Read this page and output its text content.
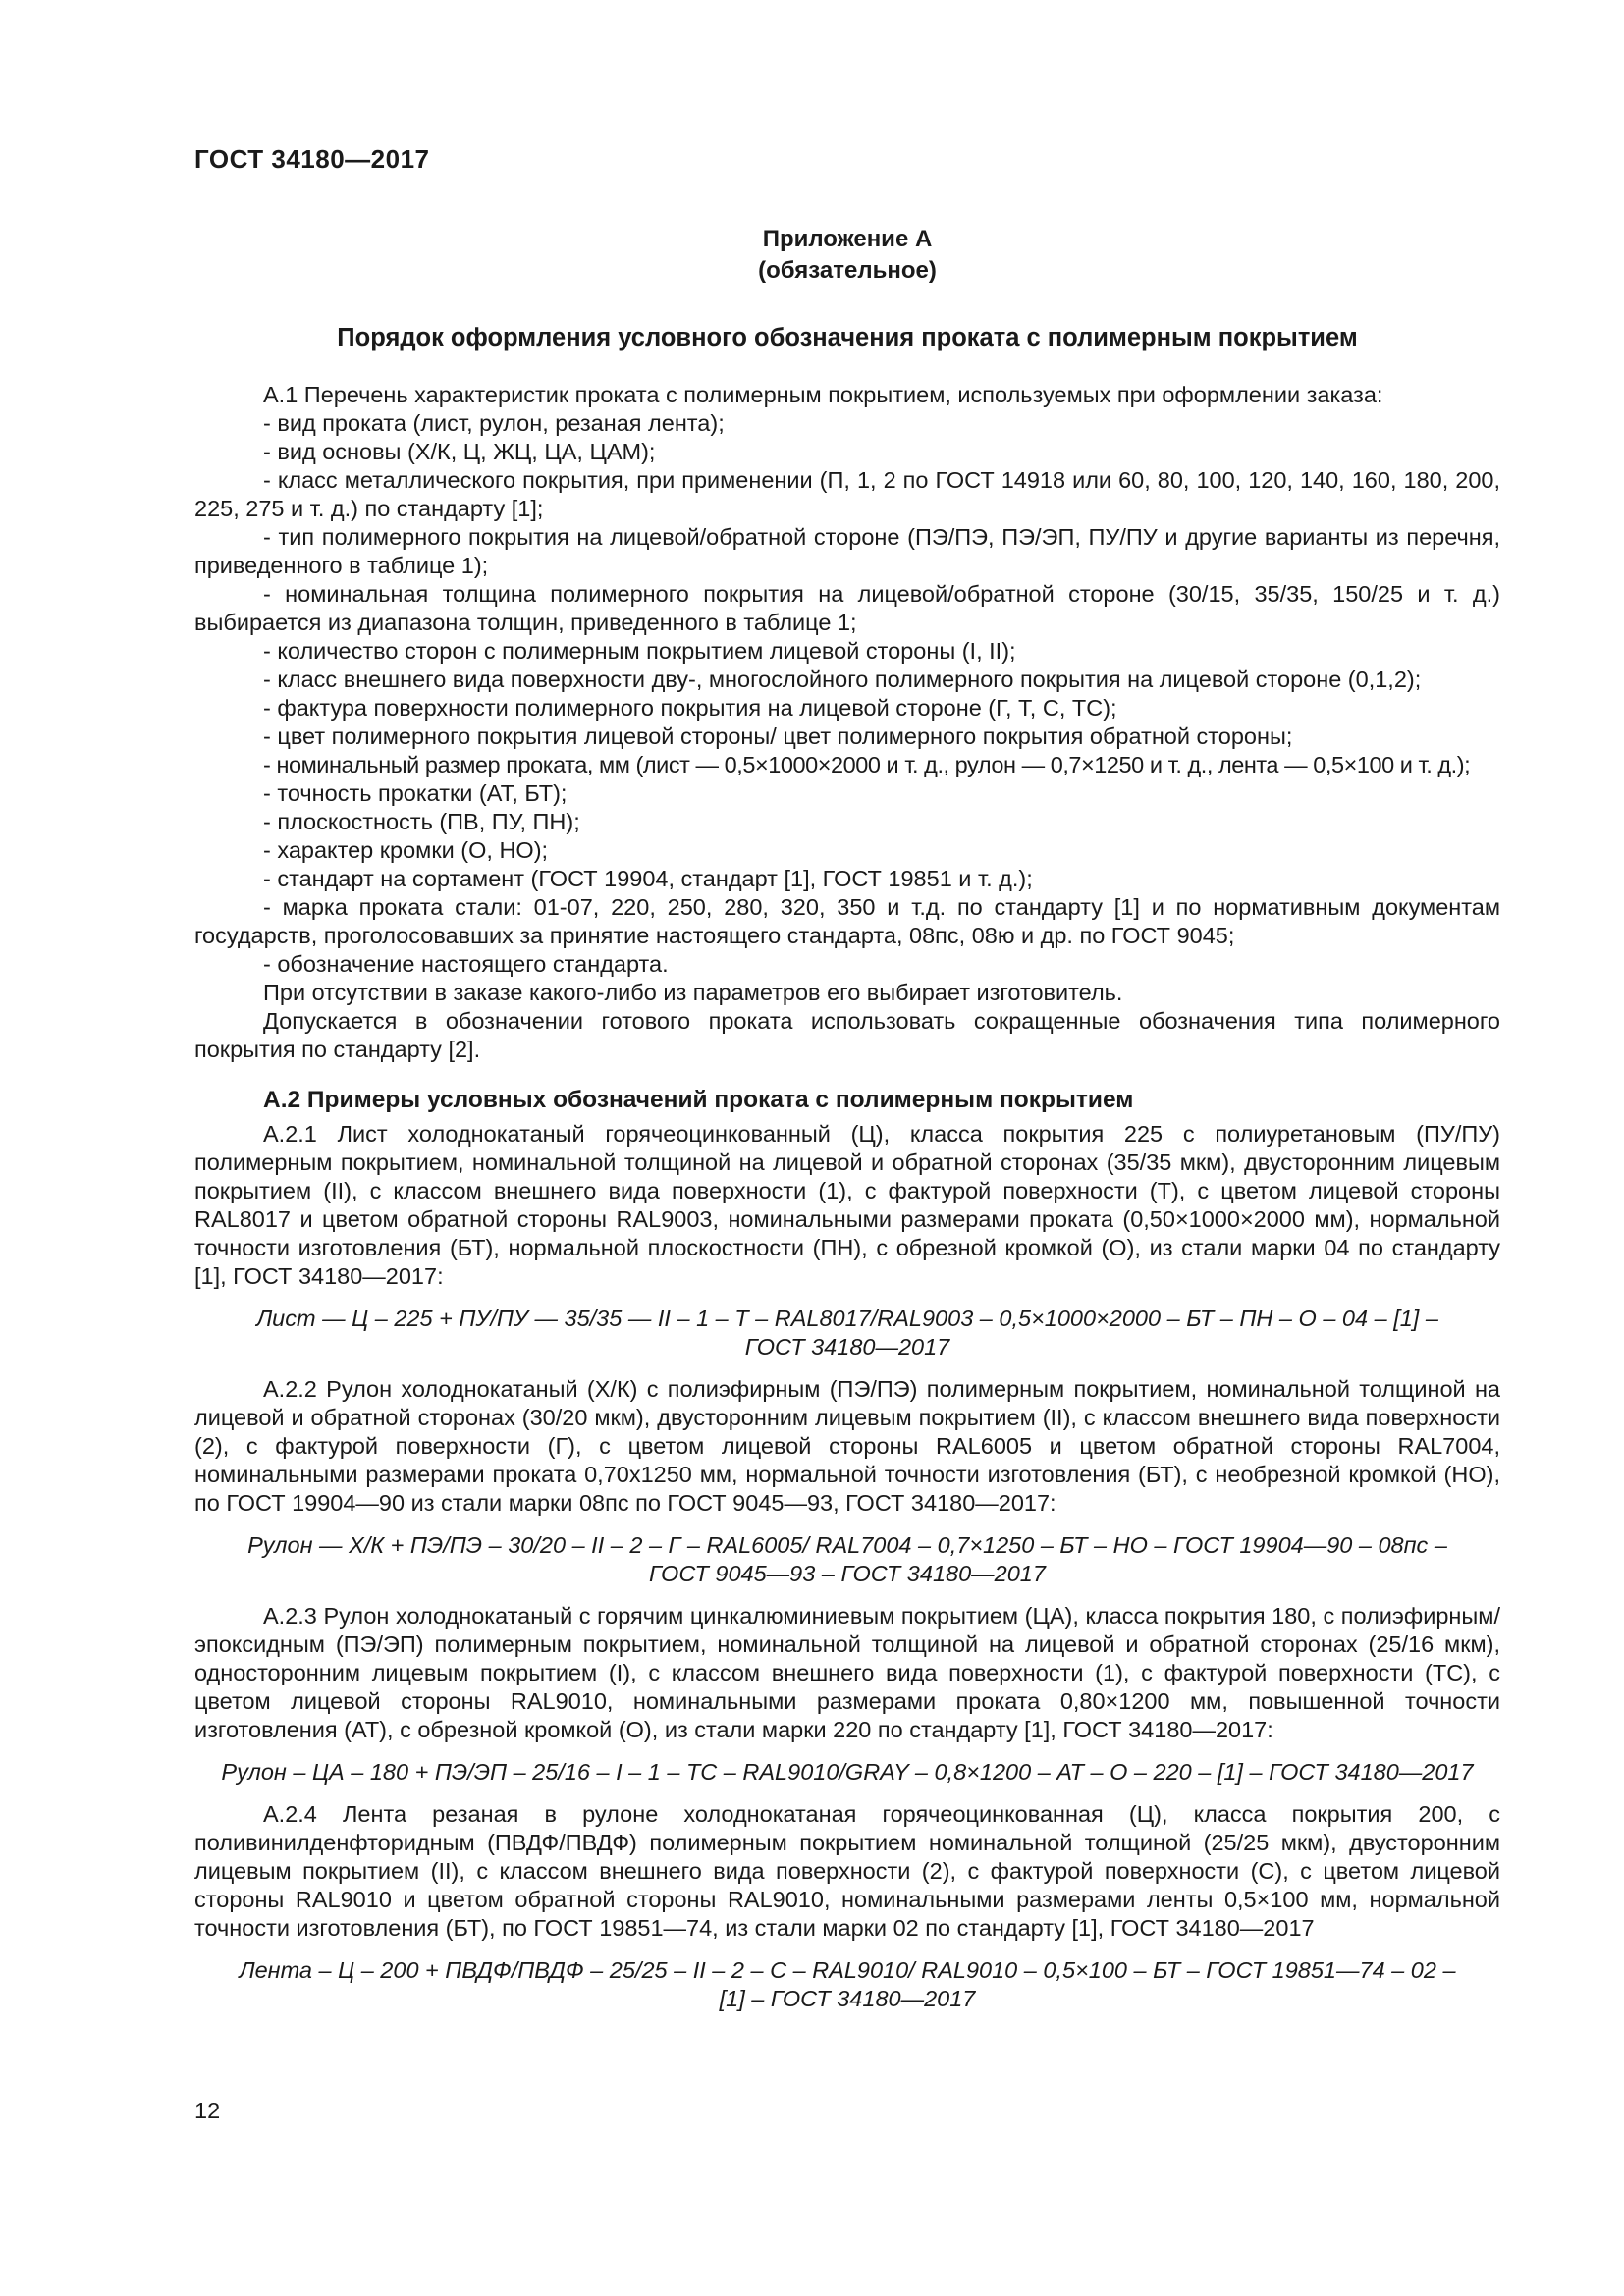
ГОСТ 34180—2017
Приложение А
(обязательное)
Порядок оформления условного обозначения проката с полимерным покрытием

А.1 Перечень характеристик проката с полимерным покрытием, используемых при оформлении заказа:

- вид проката (лист, рулон, резаная лента);

- вид основы (Х/К, Ц, ЖЦ, ЦА, ЦАМ);

- класс металлического покрытия, при применении (П, 1, 2 по ГОСТ 14918 или 60, 80, 100, 120, 140, 160, 180, 200, 225, 275 и т. д.) по стандарту [1];

- тип полимерного покрытия на лицевой/обратной стороне (ПЭ/ПЭ, ПЭ/ЭП, ПУ/ПУ и другие варианты из перечня, приведенного в таблице 1);

- номинальная толщина полимерного покрытия на лицевой/обратной стороне (30/15, 35/35, 150/25 и т. д.) выбирается из диапазона толщин, приведенного в таблице 1;

- количество сторон с полимерным покрытием лицевой стороны (I, II);

- класс внешнего вида поверхности дву-, многослойного полимерного покрытия на лицевой стороне (0,1,2);

- фактура поверхности полимерного покрытия на лицевой стороне (Г, Т, С, ТС);

- цвет полимерного покрытия лицевой стороны/ цвет полимерного покрытия обратной стороны;

- номинальный размер проката, мм (лист — 0,5×1000×2000 и т. д., рулон — 0,7×1250 и т. д., лента — 0,5×100 и т. д.);

- точность прокатки (АТ, БТ);

- плоскостность (ПВ, ПУ, ПН);

- характер кромки (О, НО);

- стандарт на сортамент (ГОСТ 19904, стандарт [1], ГОСТ 19851 и т. д.);

- марка проката стали: 01-07, 220, 250, 280, 320, 350 и т.д. по стандарту [1] и по нормативным документам государств, проголосовавших за принятие настоящего стандарта, 08пс, 08ю и др. по ГОСТ 9045;

- обозначение настоящего стандарта.

При отсутствии в заказе какого-либо из параметров его выбирает изготовитель.

Допускается в обозначении готового проката использовать сокращенные обозначения типа полимерного покрытия по стандарту [2].

А.2 Примеры условных обозначений проката с полимерным покрытием

А.2.1 Лист холоднокатаный горячеоцинкованный (Ц), класса покрытия 225 с полиуретановым (ПУ/ПУ) полимерным покрытием, номинальной толщиной на лицевой и обратной сторонах (35/35 мкм), двусторонним лицевым покрытием (II), с классом внешнего вида поверхности (1), с фактурой поверхности (Т), с цветом лицевой стороны RAL8017 и цветом обратной стороны RAL9003, номинальными размерами проката (0,50×1000×2000 мм), нормальной точности изготовления (БТ), нормальной плоскостности (ПН), с обрезной кромкой (О), из стали марки 04 по стандарту [1], ГОСТ 34180—2017:

Лист — Ц – 225 + ПУ/ПУ — 35/35 — II – 1 – Т – RAL8017/RAL9003 – 0,5×1000×2000 – БТ – ПН – О – 04 – [1] –
ГОСТ 34180—2017

А.2.2 Рулон холоднокатаный (Х/К) с полиэфирным (ПЭ/ПЭ) полимерным покрытием, номинальной толщиной на лицевой и обратной сторонах (30/20 мкм), двусторонним лицевым покрытием (II), с классом внешнего вида поверхности (2), с фактурой поверхности (Г), с цветом лицевой стороны RAL6005 и цветом обратной стороны RAL7004, номинальными размерами проката 0,70х1250 мм, нормальной точности изготовления (БТ), с необрезной кромкой (НО), по ГОСТ 19904—90 из стали марки 08пс по ГОСТ 9045—93, ГОСТ 34180—2017:

Рулон — Х/К + ПЭ/ПЭ – 30/20 – II – 2 – Г – RAL6005/ RAL7004 – 0,7×1250 – БТ – НО – ГОСТ 19904—90 – 08пс –
ГОСТ 9045—93 – ГОСТ 34180—2017

А.2.3 Рулон холоднокатаный с горячим цинкалюминиевым покрытием (ЦА), класса покрытия 180, с полиэфирным/эпоксидным (ПЭ/ЭП) полимерным покрытием, номинальной толщиной на лицевой и обратной сторонах (25/16 мкм), односторонним лицевым покрытием (I), с классом внешнего вида поверхности (1), с фактурой поверхности (ТС), с цветом лицевой стороны RAL9010, номинальными размерами проката 0,80×1200 мм, повышенной точности изготовления (АТ), с обрезной кромкой (О), из стали марки 220 по стандарту [1], ГОСТ 34180—2017:

Рулон – ЦА – 180 + ПЭ/ЭП – 25/16 – I – 1 – ТС – RAL9010/GRAY – 0,8×1200 – АТ – О – 220 – [1] – ГОСТ 34180—2017

А.2.4 Лента резаная в рулоне холоднокатаная горячеоцинкованная (Ц), класса покрытия 200, с поливинилденфторидным (ПВДФ/ПВДФ) полимерным покрытием номинальной толщиной (25/25 мкм), двусторонним лицевым покрытием (II), с классом внешнего вида поверхности (2), с фактурой поверхности (С), с цветом лицевой стороны RAL9010 и цветом обратной стороны RAL9010, номинальными размерами ленты 0,5×100 мм, нормальной точности изготовления (БТ), по ГОСТ 19851—74, из стали марки 02 по стандарту [1], ГОСТ 34180—2017

Лента – Ц – 200 + ПВДФ/ПВДФ – 25/25 – II – 2 – С – RAL9010/ RAL9010 – 0,5×100 – БТ – ГОСТ 19851—74 – 02 –
[1] – ГОСТ 34180—2017
12
